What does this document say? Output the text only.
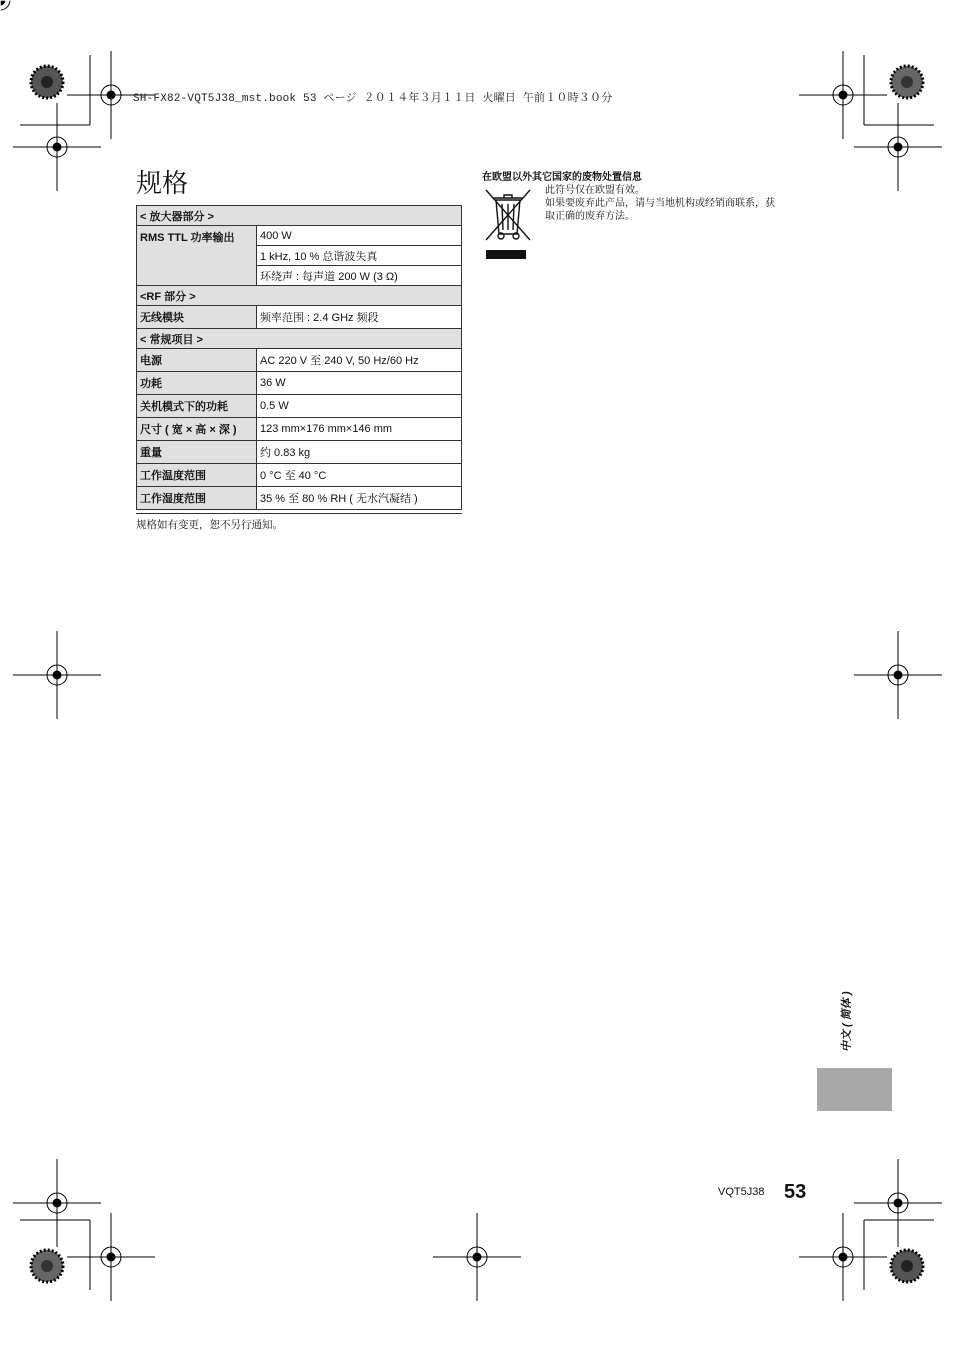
SH-FX82-VQT5J38_mst.book 53 ページ ２０１４年３月１１日 火曜日 午前１０時３０分
规格
< 放大器部分 >	
RMS TTL 功率输出	400 W
	1 kHz, 10 % 总谐波失真
	环绕声 : 每声道 200 W (3 Ω)
<RF 部分 >	
无线模块	频率范围 : 2.4 GHz 频段
< 常规项目 >	
电源	AC 220 V 至 240 V, 50 Hz/60 Hz
功耗	36 W
关机模式下的功耗	0.5 W
尺寸 ( 宽 × 高 × 深 )	123 mm×176 mm×146 mm
重量	约 0.83 kg
工作温度范围	0 °C 至 40 °C
工作湿度范围	35 % 至 80 % RH ( 无水汽凝结 )
规格如有变更，恕不另行通知。
在欧盟以外其它国家的废物处置信息
此符号仅在欧盟有效。
如果要废弃此产品，请与当地机构或经销商联系，获
取正确的废弃方法。
中文 ( 简体 )
VQT5J38 53
